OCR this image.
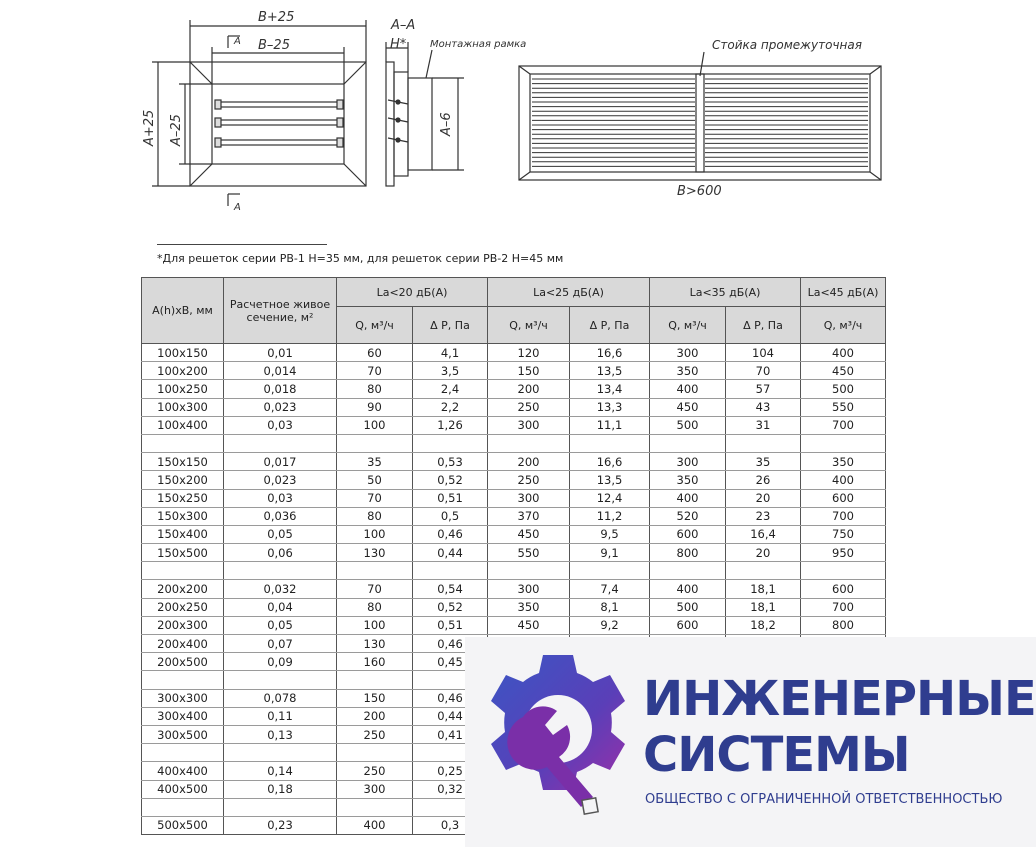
B+25
B–25
A+25 A–25
A
A
A–A
H* Монтажная рамка
A–6
Стойка промежуточная
B>600
*Для решеток серии РВ-1 H=35 мм, для решеток серии РВ-2 H=45 мм
A(h)хB, мм	Расчетное живое сечение, м²	La<20 дБ(А)		La<25 дБ(А)		La<35 дБ(А)		La<45 дБ(А)
		Q, м³/ч	Δ Р, Па	Q, м³/ч	Δ Р, Па	Q, м³/ч	Δ Р, Па	Q, м³/ч
100x150	0,01	60	4,1	120	16,6	300	104	400
100x200	0,014	70	3,5	150	13,5	350	70	450
100x250	0,018	80	2,4	200	13,4	400	57	500
100x300	0,023	90	2,2	250	13,3	450	43	550
100x400	0,03	100	1,26	300	11,1	500	31	700

150x150	0,017	35	0,53	200	16,6	300	35	350
150x200	0,023	50	0,52	250	13,5	350	26	400
150x250	0,03	70	0,51	300	12,4	400	20	600
150x300	0,036	80	0,5	370	11,2	520	23	700
150x400	0,05	100	0,46	450	9,5	600	16,4	750
150x500	0,06	130	0,44	550	9,1	800	20	950

200x200	0,032	70	0,54	300	7,4	400	18,1	600
200x250	0,04	80	0,52	350	8,1	500	18,1	700
200x300	0,05	100	0,51	450	9,2	600	18,2	800
200x400	0,07	130	0,46					
200x500	0,09	160	0,45					

300x300	0,078	150	0,46					
300x400	0,11	200	0,44					
300x500	0,13	250	0,41					

400x400	0,14	250	0,25					
400x500	0,18	300	0,32					

500x500	0,23	400	0,3					
ИНЖЕНЕРНЫЕ
СИСТЕМЫ
ОБЩЕСТВО С ОГРАНИЧЕННОЙ ОТВЕТСТВЕННОСТЬЮ
